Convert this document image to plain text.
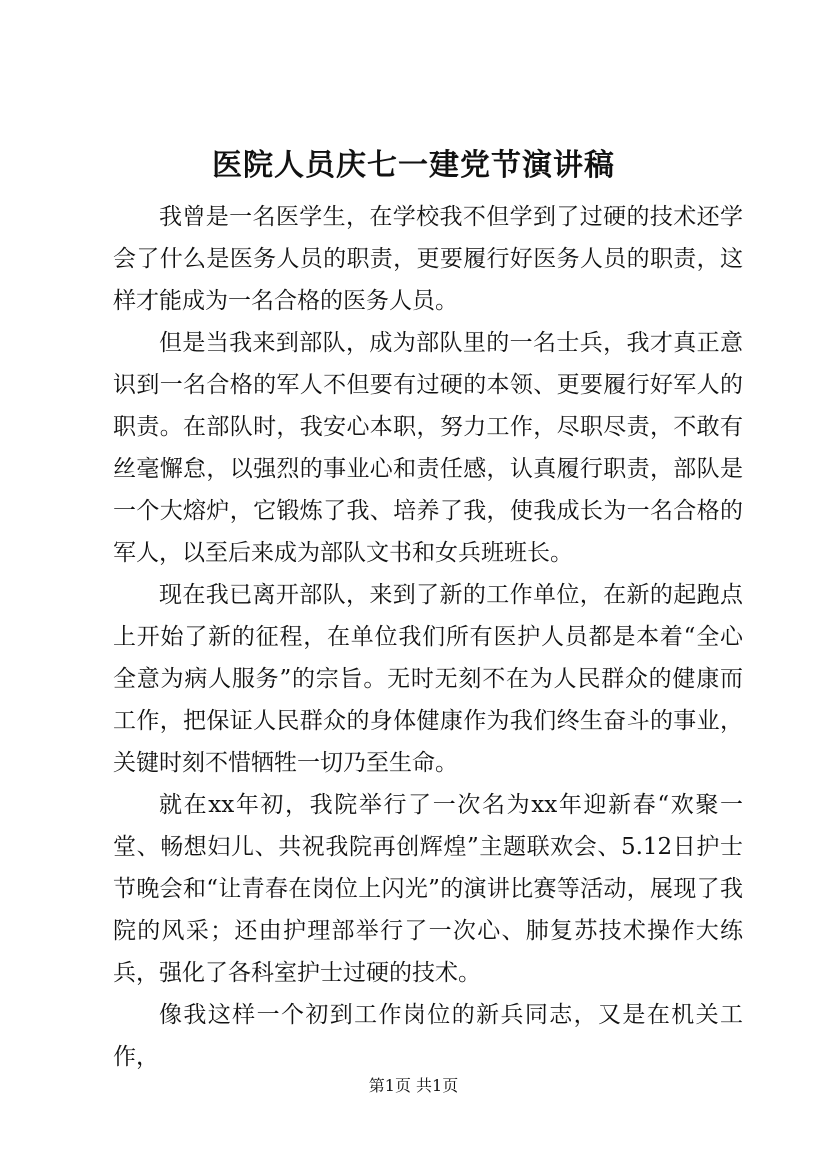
医院人员庆七一建党节演讲稿

我曾是一名医学生，在学校我不但学到了过硬的技术还学会了什么是医务人员的职责，更要履行好医务人员的职责，这样才能成为一名合格的医务人员。

但是当我来到部队，成为部队里的一名士兵，我才真正意识到一名合格的军人不但要有过硬的本领、更要履行好军人的职责。在部队时，我安心本职，努力工作，尽职尽责，不敢有丝毫懈怠，以强烈的事业心和责任感，认真履行职责，部队是一个大熔炉，它锻炼了我、培养了我，使我成长为一名合格的军人，以至后来成为部队文书和女兵班班长。

现在我已离开部队，来到了新的工作单位，在新的起跑点上开始了新的征程，在单位我们所有医护人员都是本着“全心全意为病人服务”的宗旨。无时无刻不在为人民群众的健康而工作，把保证人民群众的身体健康作为我们终生奋斗的事业，关键时刻不惜牺牲一切乃至生命。

就在xx年初，我院举行了一次名为xx年迎新春“欢聚一堂、畅想妇儿、共祝我院再创辉煌”主题联欢会、5.12日护士节晚会和“让青春在岗位上闪光”的演讲比赛等活动，展现了我院的风采；还由护理部举行了一次心、肺复苏技术操作大练兵，强化了各科室护士过硬的技术。

像我这样一个初到工作岗位的新兵同志，又是在机关工作，

第1页 共1页
